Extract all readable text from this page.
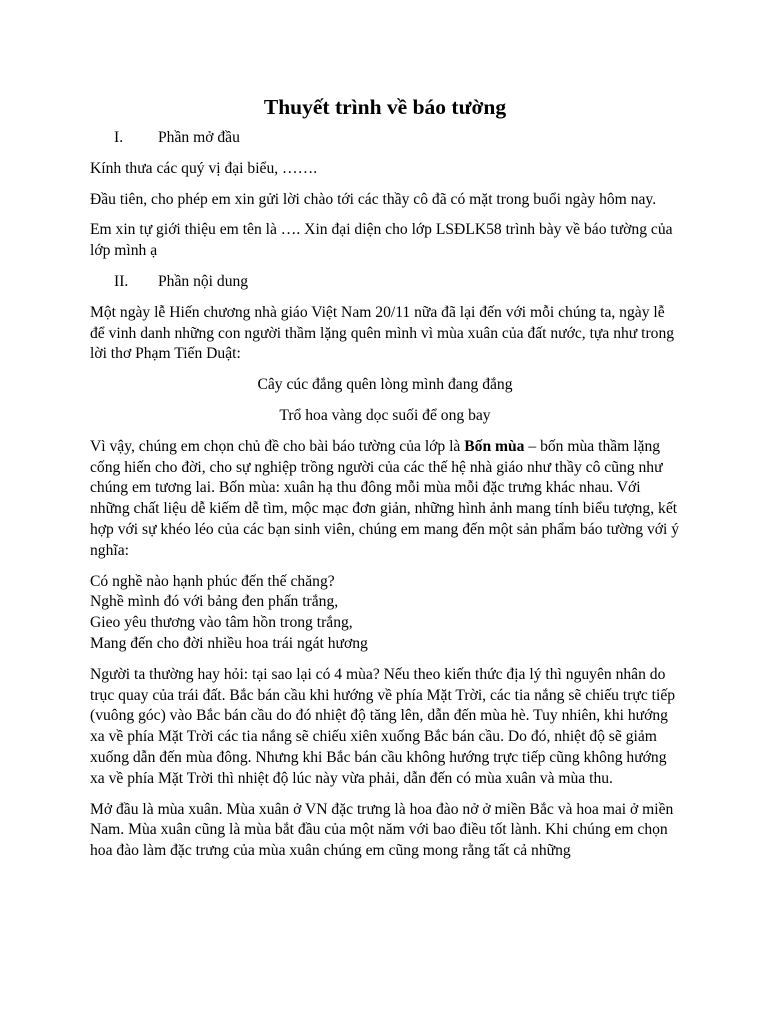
Thuyết trình về báo tường
I.	Phần mở đầu

Kính thưa các quý vị đại biểu, …….

Đầu tiên, cho phép em xin gửi lời chào tới các thầy cô đã có mặt trong buổi ngày hôm nay.

Em xin tự giới thiệu em tên là …. Xin đại diện cho lớp LSĐLK58 trình bày về báo tường của lớp mình ạ

II.	Phần nội dung

Một ngày lễ Hiến chương nhà giáo Việt Nam 20/11 nữa đã lại đến với mỗi chúng ta, ngày lễ để vinh danh những con người thầm lặng quên mình vì mùa xuân của đất nước, tựa như trong lời thơ Phạm Tiến Duật:

Cây cúc đắng quên lòng mình đang đắng

Trổ hoa vàng dọc suối để ong bay

Vì vậy, chúng em chọn chủ đề cho bài báo tường của lớp là Bốn mùa – bốn mùa thầm lặng cống hiến cho đời, cho sự nghiệp trồng người của các thế hệ nhà giáo như thầy cô cũng như chúng em tương lai. Bốn mùa: xuân hạ thu đông mỗi mùa mỗi đặc trưng khác nhau. Với những chất liệu dễ kiếm dễ tìm, mộc mạc đơn giản, những hình ảnh mang tính biểu tượng, kết hợp với sự khéo léo của các bạn sinh viên, chúng em mang đến một sản phẩm báo tường với ý nghĩa:

Có nghề nào hạnh phúc đến thế chăng?
Nghề mình đó với bảng đen phấn trắng,
Gieo yêu thương vào tâm hồn trong trắng,
Mang đến cho đời nhiều hoa trái ngát hương

Người ta thường hay hỏi: tại sao lại có 4 mùa? Nếu theo kiến thức địa lý thì nguyên nhân do trục quay của trái đất. Bắc bán cầu khi hướng về phía Mặt Trời, các tia nắng sẽ chiếu trực tiếp (vuông góc) vào Bắc bán cầu do đó nhiệt độ tăng lên, dẫn đến mùa hè. Tuy nhiên, khi hướng xa về phía Mặt Trời các tia nắng sẽ chiếu xiên xuống Bắc bán cầu. Do đó, nhiệt độ sẽ giảm xuống dẫn đến mùa đông. Nhưng khi Bắc bán cầu không hướng trực tiếp cũng không hướng xa về phía Mặt Trời thì nhiệt độ lúc này vừa phải, dẫn đến có mùa xuân và mùa thu.

Mở đầu là mùa xuân. Mùa xuân ở VN đặc trưng là hoa đào nở ở miền Bắc và hoa mai ở miền Nam. Mùa xuân cũng là mùa bắt đầu của một năm với bao điều tốt lành. Khi chúng em chọn hoa đào làm đặc trưng của mùa xuân chúng em cũng mong rằng tất cả những
